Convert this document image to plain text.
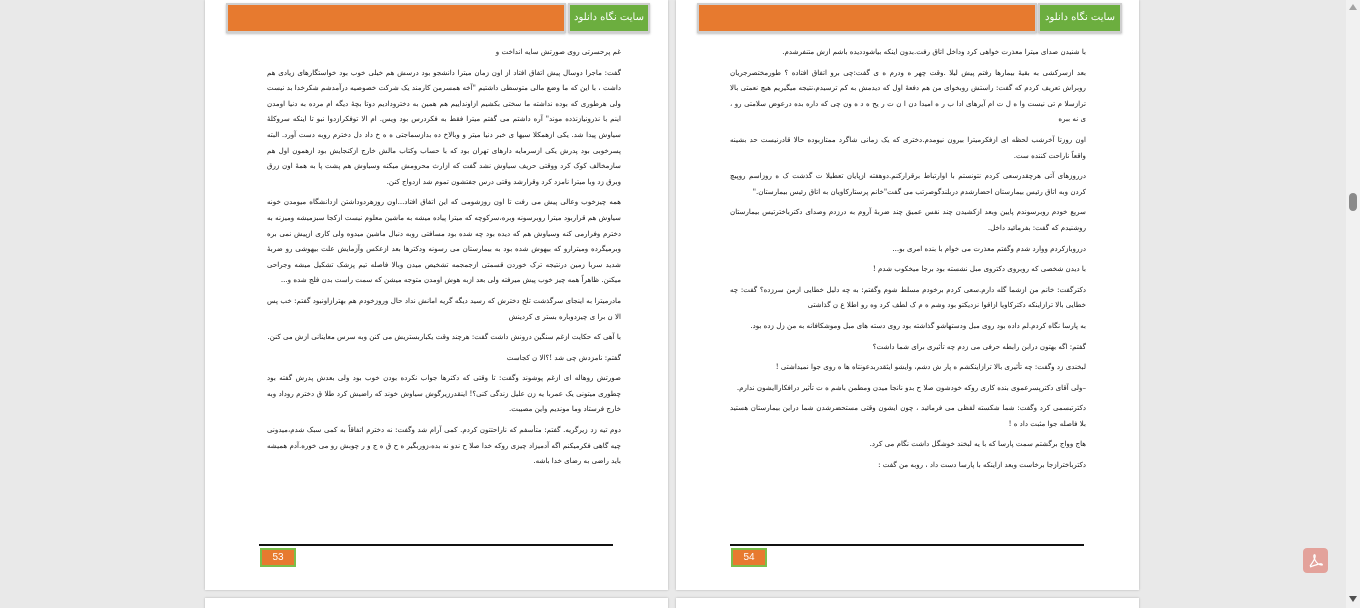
سایت نگاه دانلود

غم پرحسرتی روی صورتش سایه انداخت و

گفت: ماجرا دوسال پیش اتفاق افتاد از اون زمان میترا دانشجو بود درسش هم خیلی خوب بود خواستگارهای زیادی هم داشت ، با این که ما وضع مالی متوسطی داشتیم "آخه همسرمن کارمند یک شرکت خصوصیه درآمدشم شکرخدا بد نیست ولی هرطوری که بوده نداشته ما سختی بکشیم ازاونداییم هم همین به دخترودادیم دوتا بچۀ دیگه ام مرده به دنیا اومدن اینم با نذرونیازنذده موند" آره داشتم می گفتم میترا فقط به فکردرس بود ویس. ام الا توفکرازدوا نبو تا اینکه سروکلۀ سیاوش پیدا شد. یکی ازهمکلا سیها ی خبر دنیا میتر و وبالاخ ده بدازسماجتی ه ه خ داد دل دخترم روبه دست آورد. البته پسرخوبی بود پدرش یکی ازسرمایه دارهای تهران بود که با حساب وکتاب مالش خارج ازکنجایش بود ازهمون اول هم سازمخالف کوک کرد ووقتی حریف سیاوش نشد گفت که ازارث محرومش میکنه وسیاوش هم پشت پا به همۀ اون زرق وبرق زد وبا میترا نامزد کرد وقرارشد وقتی درس جفتشون تموم شد ازدواج کنن.

همه چیزخوب وعالی پیش می رفت تا اون روزشومی که این اتفاق افتاد...اون روزهردوداشتن ازدانشگاه میومدن خونه سیاوش هم قراربود میترا روبرسونه وبره،سرکوچه که میترا پیاده میشه به ماشین معلوم نیست ازکجا سبزمیشه ومیزنه به دخترم وفرارمی کنه وسیاوش هم که دیده بود چه شده بود مسافتی روبه دنبال ماشین میدوه ولی کاری ازپیش نمی بره وبرمیگرده ومیترارو که بیهوش شده بود به بیمارستان می رسونه ودکترها بعد ازعکس وآزمایش علت بیهوشی رو ضربۀ شدید سربا زمین درنتیجه ترک خوردن قسمتی ازجمجمه تشخیص میدن وبالا فاصله تیم پزشک تشکیل میشه وجراحی میکنن. ظاهراً همه چیز خوب پیش میرفته ولی بعد ازبه هوش اومدن متوجه میشن که سمت راست بدن فلج شده و...

مادرمیترا به اینجای سرگذشت تلخ دخترش که رسید دیگه گریه امانش نداد حال وروزخودم هم بهترازاونبود گفتم: خب پس الا ن برا ی چیزدوباره بستر ی کردینش

با آهی که حکایت ازغم سنگین درونش داشت گفت: هرچند وقت یکباربستریش می کنن وبه سرس معاینانی ازش می کنن.

گفتم: نامزدش چی شد !؟الا ن کجاست

صورتش روهاله ای ازغم پوشوند وگفت: تا وقتی که دکترها جواب نکرده بودن خوب بود ولی بعدش پدرش گفته بود چطوری میتونی یک عمربا یه زن علیل زندگی کنی؟! اینقدرزیرگوش سیاوش خوند که راضیش کرد طلا ق دخترم روداد وبه خارج فرستاد وما موندیم واین مصیبت.

دوم تیه زد زیرگریه. گفتم: متأسفم که ناراحتتون کردم. کمی آرام شد وگفت: نه دخترم اتفاقاً به کمی سبک شدم،میدونی چیه گاهی فکرمیکنم اگه آدمیزاد چیزی روکه خدا صلا ح ندو نه بده،زوربگیر ه ح ق ه ج و ر چوبش رو می خوره.آدم همیشه باید راضی به رضای خدا باشه.

53
سایت نگاه دانلود

با شنیدن صدای میترا معذرت خواهی کرد وداخل اتاق رفت.بدون اینکه بیاشوددیده باشم ازش متنفرشدم.

بعد ازسرکشی به بقیۀ بیمارها رفتم پیش لیلا .وقت چهر ه ودرم ه ی گفت:چی برو اتفاق افتاده ؟ طورمختصرجریان روبراش تعریف کردم که گفت: راستش روبخوای من هم دفعۀ اول که دیدمش به کم ترسیدم،نتیجه میگیریم هیچ نعمتی بالا ترازسلا م تی نیست وا ه ل ت ام آیرهای ادا ب ر ه امیدا دن ا ن ت ر یح ه د ه ون چی که داره بده درعوض سلامتی رو ، ی نه ببره

اون روزتا آخرشب لحظه ای ازفکرمیترا بیرون نیومدم.دختری که یک زمانی شاگرد ممتازبوده حالا قادرنیست حد بشینه واقعاً ناراحت کننده ست.

درروزهای آتی هرچقدرسعی کردم نتونستم با اوارتباط برقرارکنم.دوهفته ازپایان تعطیلا ت گذشت ک ه روزاسم روپیچ کردن وبه اتاق رئیس بیمارستان احضارشدم دربلندگوصرتب می گفت"خانم پرستارکاویان به اتاق رئیس بیمارستان."

سریع خودم روبرسوندم پایین وبعد ازکشیدن چند نفس عمیق چند ضربۀ آروم به درزدم وصدای دکترباخترتیس بیمارستان روشنیدم که گفت: بفرمائید داخل.

درروبازکردم ووارد شدم وگفتم معذرت می خوام با بنده امری بو...

با دیدن شخصی که روبروی دکتروی مبل نشسته بود برجا میخکوب شدم !

دکترگفت: خانم من ازشما گله دارم.سعی کردم برخودم مسلط شوم وگفتم: به چه دلیل خطایی ازمن سرزده؟ گفت: چه خطایی بالا ترازاینکه دکترکاویا ازاقوا نزدیکتو بود وشم ه م ک لطف کرد وه رو اطلا ع ن گذاشتی

به پارسا نگاه کردم.لم داده بود روی مبل ودستهاشو گذاشته بود روی دسته های مبل وموشکافانه به من زل زده بود.

گفتم: اگه بهتون درابن رابطه حرفی می زدم چه تأثیری برای شما داشت؟

لبخندی زد وگفت: چه تأثیری بالا ترازاینکشم ه پار ش دشم، وایشو ایثقدربدعونتاه ها ه روی جوا نمیداشتی !

–ولی آقای دکترپسرعموی بنده کاری روکه خودشون صلا ح بدو نانجا میدن ومطمن باشم ه ت تأثیر درافکاراایشون ندارم.

دکترتبسمی کرد وگفت: شما شکسته لفظی می فرمائید ، چون ایشون وقتی مستحضرشدن شما دراین بیمارستان هستید بلا فاصله جوا مثبت داد ه !

هاج وواج برگشتم سمت پارسا که با یه لبخند خوشگل داشت نگام می کرد.

دکترباخترازجا برخاست وبعد ازاینکه با پارسا دست داد ، روبه من گفت :

54
